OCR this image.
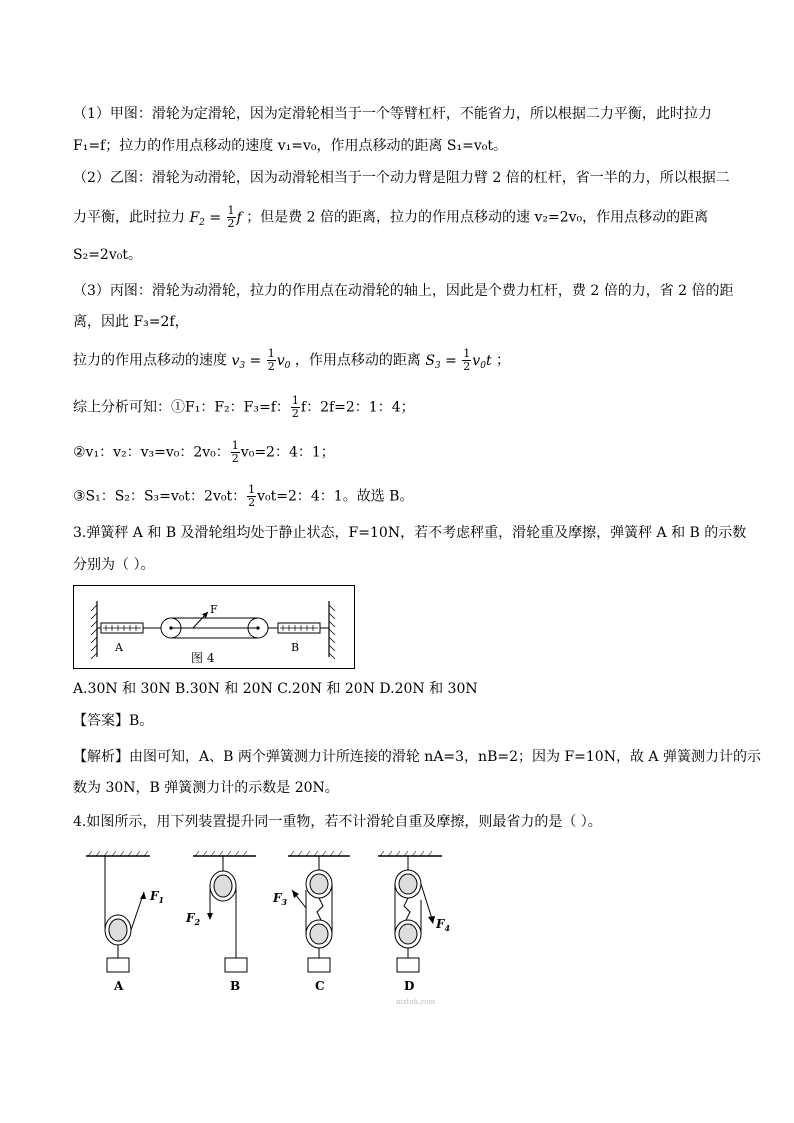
（1）甲图：滑轮为定滑轮，因为定滑轮相当于一个等臂杠杆，不能省力，所以根据二力平衡，此时拉力
F₁=f；拉力的作用点移动的速度 v₁=v₀，作用点移动的距离 S₁=v₀t。
（2）乙图：滑轮为动滑轮，因为动滑轮相当于一个动力臂是阻力臂 2 倍的杠杆，省一半的力，所以根据二
力平衡，此时拉力 $F_2 = \frac{1}{2}$ f ；但是费 2 倍的距离，拉力的作用点移动的速 v₂=2v₀，作用点移动的距离
S₂=2v₀t。
（3）丙图：滑轮为动滑轮，拉力的作用点在动滑轮的轴上，因此是个费力杠杆，费 2 倍的力，省 2 倍的距
离，因此 F₃=2f，
拉力的作用点移动的速度 $v_3 = \frac{1}{2} v_0$ ，作用点移动的距离 $S_3 = \frac{1}{2} v_0t$ ；
综上分析可知：①F₁：F₂：F₃=f： $\frac{1}{2}$ f：2f=2：1：4；
②v₁：v₂：v₃=v₀：2v₀： $\frac{1}{2} v_0=2$：4：1；
③S₁：S₂：S₃=v₀t：2v₀t： $\frac{1}{2} v_0t=2$：4：1。故选 B。
3.弹簧秤 A 和 B 及滑轮组均处于静止状态，F=10N，若不考虑秤重，滑轮重及摩擦，弹簧秤 A 和 B 的示数
分别为（ ）。
F
A	B
图 4
A.30N 和 30N B.30N 和 20N C.20N 和 20N D.20N 和 30N
【答案】B。
【解析】由图可知，A、B 两个弹簧测力计所连接的滑轮 nA=3，nB=2；因为 F=10N，故 A 弹簧测力计的示
数为 30N，B 弹簧测力计的示数是 20N。
4.如图所示，用下列装置提升同一重物，若不计滑轮自重及摩擦，则最省力的是（ ）。
$F_1$
A
$F_2$
B
$F_3$
C
$F_4$
D
mxtoh.com
